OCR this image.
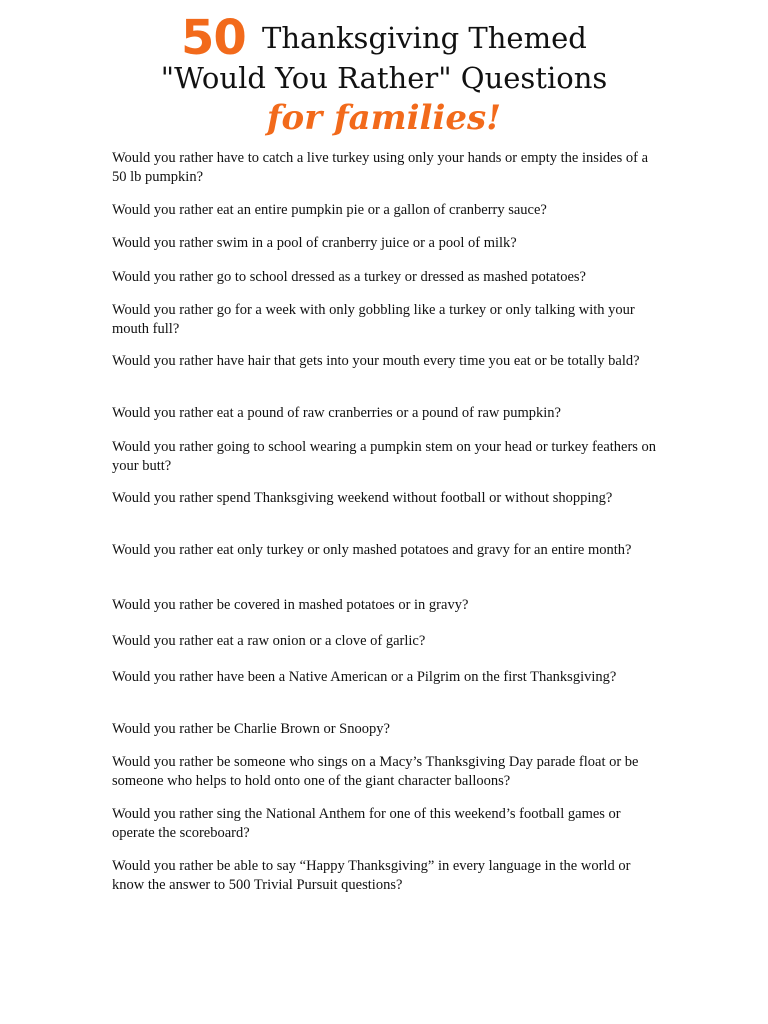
50 Thanksgiving Themed
"Would You Rather" Questions
for families!
Would you rather have to catch a live turkey using only your hands or empty the insides of a 50 lb pumpkin?
Would you rather eat an entire pumpkin pie or a gallon of cranberry sauce?
Would you rather swim in a pool of cranberry juice or a pool of milk?
Would you rather go to school dressed as a turkey or dressed as mashed potatoes?
Would you rather go for a week with only gobbling like a turkey or only talking with your mouth full?
Would you rather have hair that gets into your mouth every time you eat or be totally bald?
Would you rather eat a pound of raw cranberries or a pound of raw pumpkin?
Would you rather going to school wearing a pumpkin stem on your head or turkey feathers on your butt?
Would you rather spend Thanksgiving weekend without football or without shopping?
Would you rather eat only turkey or only mashed potatoes and gravy for an entire month?
Would you rather be covered in mashed potatoes or in gravy?
Would you rather eat a raw onion or a clove of garlic?
Would you rather have been a Native American or a Pilgrim on the first Thanksgiving?
Would you rather be Charlie Brown or Snoopy?
Would you rather be someone who sings on a Macy’s Thanksgiving Day parade float or be someone who helps to hold onto one of the giant character balloons?
Would you rather sing the National Anthem for one of this weekend’s football games or operate the scoreboard?
Would you rather be able to say “Happy Thanksgiving” in every language in the world or know the answer to 500 Trivial Pursuit questions?
